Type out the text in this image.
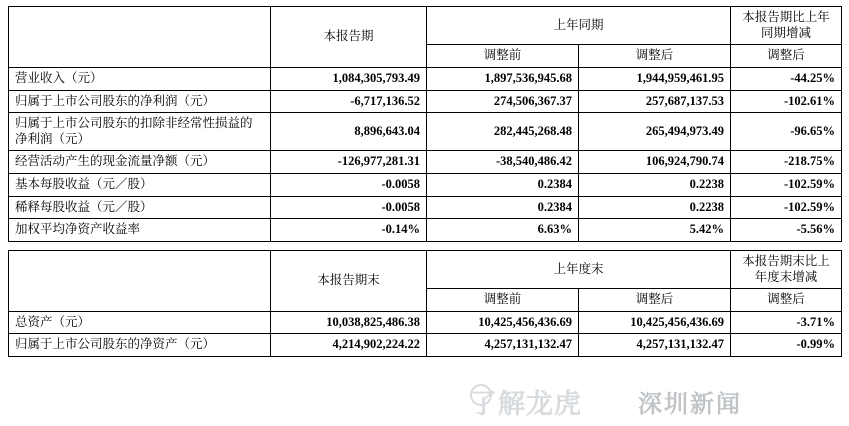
	本报告期	上年同期		本报告期比上年同期增减
		调整前	调整后	调整后
营业收入（元）	1,084,305,793.49	1,897,536,945.68	1,944,959,461.95	-44.25%
归属于上市公司股东的净利润（元）	-6,717,136.52	274,506,367.37	257,687,137.53	-102.61%
归属于上市公司股东的扣除非经常性损益的净利润（元）	8,896,643.04	282,445,268.48	265,494,973.49	-96.65%
经营活动产生的现金流量净额（元）	-126,977,281.31	-38,540,486.42	106,924,790.74	-218.75%
基本每股收益（元／股）	-0.0058	0.2384	0.2238	-102.59%
稀释每股收益（元／股）	-0.0058	0.2384	0.2238	-102.59%
加权平均净资产收益率	-0.14%	6.63%	5.42%	-5.56%
	本报告期末	上年度末		本报告期末比上年度末增减
		调整前	调整后	调整后
总资产（元）	10,038,825,486.38	10,425,456,436.69	10,425,456,436.69	-3.71%
归属于上市公司股东的净资产（元）	4,214,902,224.22	4,257,131,132.47	4,257,131,132.47	-0.99%
了解龙虎 深圳新闻
